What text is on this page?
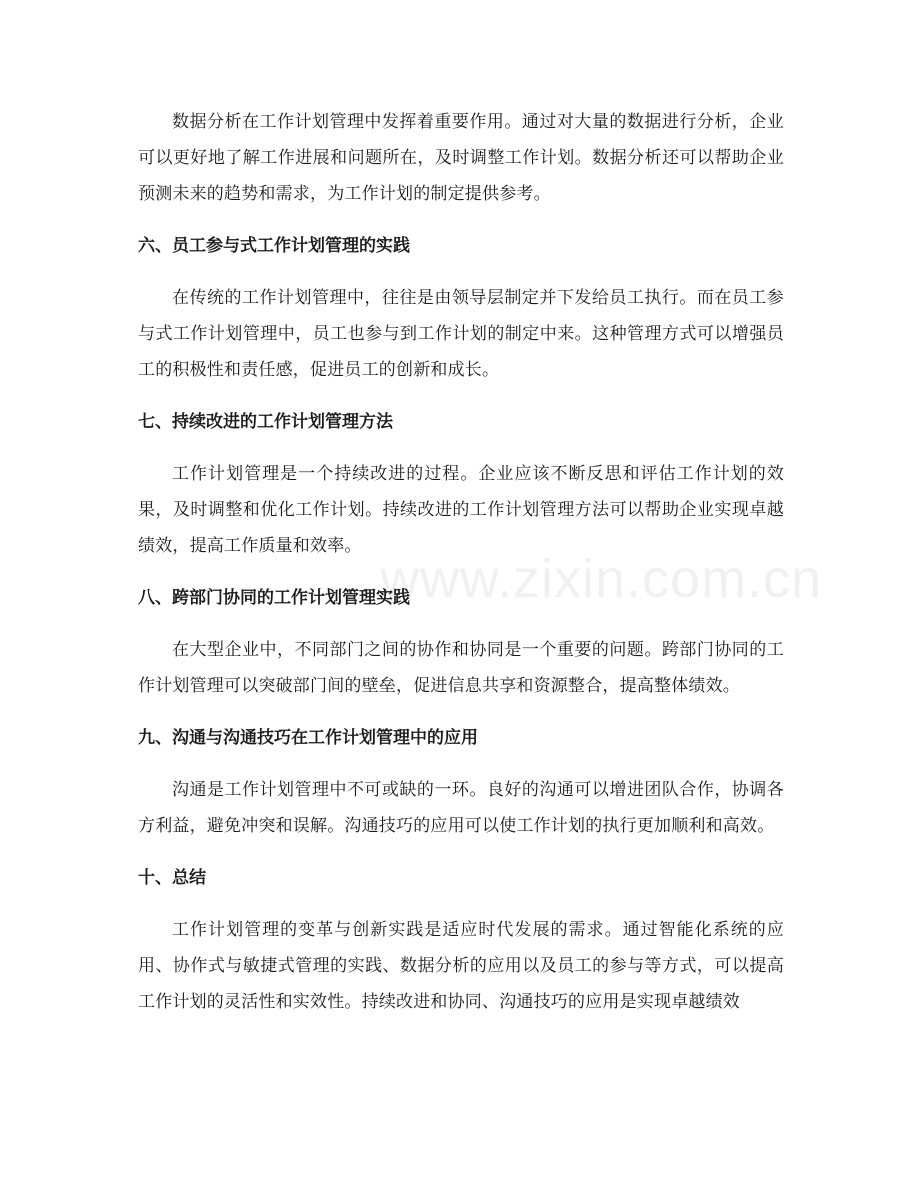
数据分析在工作计划管理中发挥着重要作用。通过对大量的数据进行分析，企业可以更好地了解工作进展和问题所在，及时调整工作计划。数据分析还可以帮助企业预测未来的趋势和需求，为工作计划的制定提供参考。

六、员工参与式工作计划管理的实践

在传统的工作计划管理中，往往是由领导层制定并下发给员工执行。而在员工参与式工作计划管理中，员工也参与到工作计划的制定中来。这种管理方式可以增强员工的积极性和责任感，促进员工的创新和成长。

七、持续改进的工作计划管理方法

工作计划管理是一个持续改进的过程。企业应该不断反思和评估工作计划的效果，及时调整和优化工作计划。持续改进的工作计划管理方法可以帮助企业实现卓越绩效，提高工作质量和效率。

八、跨部门协同的工作计划管理实践

在大型企业中，不同部门之间的协作和协同是一个重要的问题。跨部门协同的工作计划管理可以突破部门间的壁垒，促进信息共享和资源整合，提高整体绩效。

九、沟通与沟通技巧在工作计划管理中的应用

沟通是工作计划管理中不可或缺的一环。良好的沟通可以增进团队合作，协调各方利益，避免冲突和误解。沟通技巧的应用可以使工作计划的执行更加顺利和高效。

十、总结

工作计划管理的变革与创新实践是适应时代发展的需求。通过智能化系统的应用、协作式与敏捷式管理的实践、数据分析的应用以及员工的参与等方式，可以提高工作计划的灵活性和实效性。持续改进和协同、沟通技巧的应用是实现卓越绩效

www.zixin.com.cn
